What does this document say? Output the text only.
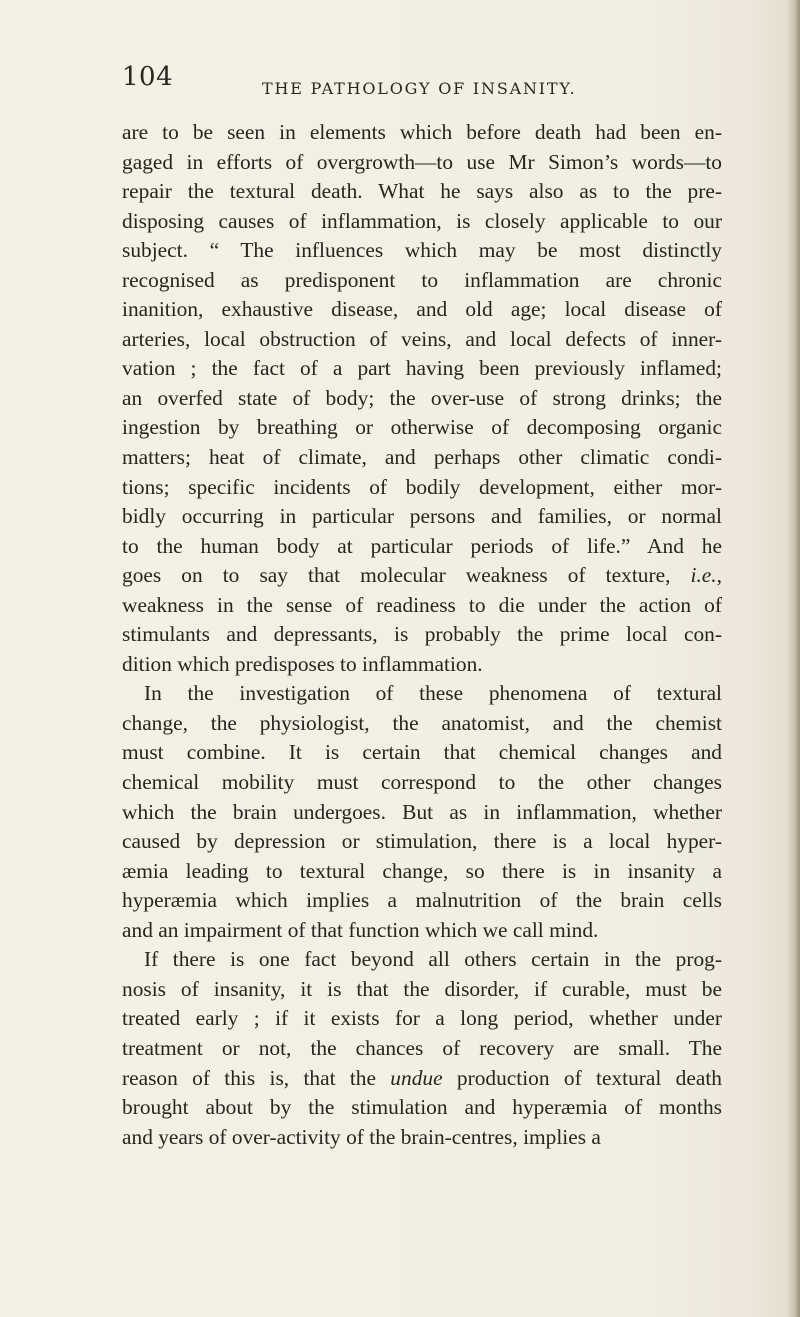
104	THE PATHOLOGY OF INSANITY.
are to be seen in elements which before death had been en-
gaged in efforts of overgrowth—to use Mr Simon’s words—to
repair the textural death. What he says also as to the pre-
disposing causes of inflammation, is closely applicable to our
subject. “ The influences which may be most distinctly
recognised as predisponent to inflammation are chronic
inanition, exhaustive disease, and old age; local disease of
arteries, local obstruction of veins, and local defects of inner-
vation ; the fact of a part having been previously inflamed;
an overfed state of body; the over-use of strong drinks; the
ingestion by breathing or otherwise of decomposing organic
matters; heat of climate, and perhaps other climatic condi-
tions; specific incidents of bodily development, either mor-
bidly occurring in particular persons and families, or normal
to the human body at particular periods of life.” And he
goes on to say that molecular weakness of texture, i.e.,
weakness in the sense of readiness to die under the action of
stimulants and depressants, is probably the prime local con-
dition which predisposes to inflammation.
In the investigation of these phenomena of textural
change, the physiologist, the anatomist, and the chemist
must combine. It is certain that chemical changes and
chemical mobility must correspond to the other changes
which the brain undergoes. But as in inflammation, whether
caused by depression or stimulation, there is a local hyper-
æmia leading to textural change, so there is in insanity a
hyperæmia which implies a malnutrition of the brain cells
and an impairment of that function which we call mind.
If there is one fact beyond all others certain in the prog-
nosis of insanity, it is that the disorder, if curable, must be
treated early ; if it exists for a long period, whether under
treatment or not, the chances of recovery are small. The
reason of this is, that the undue production of textural death
brought about by the stimulation and hyperæmia of months
and years of over-activity of the brain-centres, implies a
